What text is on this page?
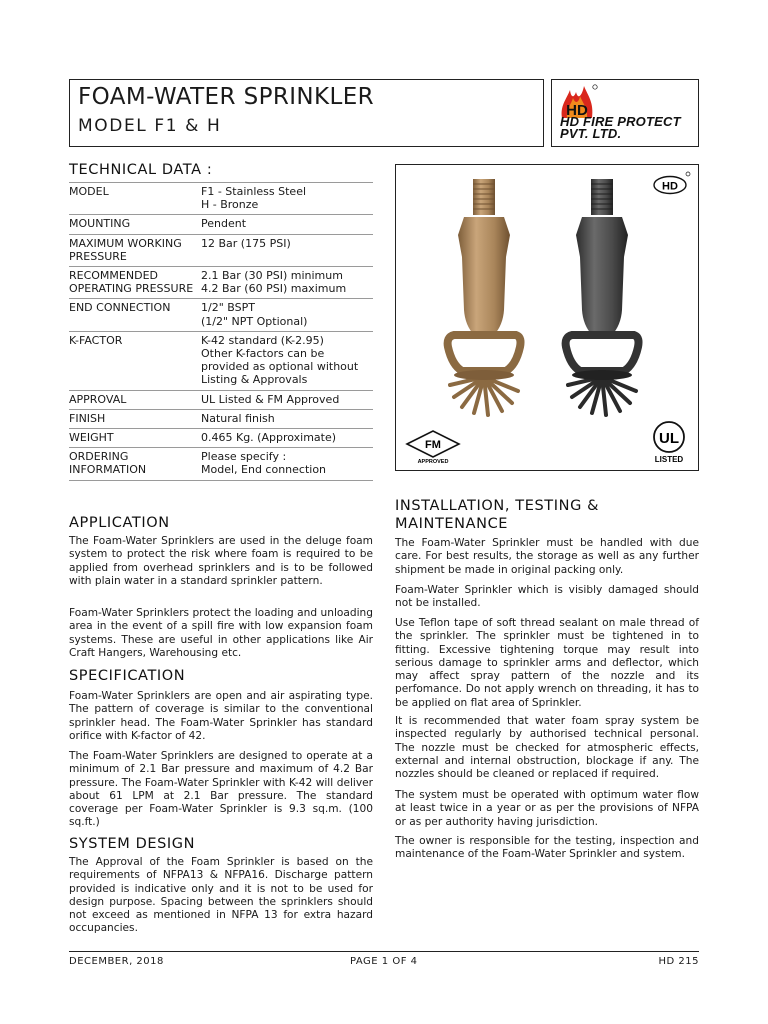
FOAM-WATER SPRINKLER
MODEL F1 & H
HD
HD FIRE PROTECT
PVT. LTD.
TECHNICAL DATA :
MODEL	F1 - Stainless Steel
H - Bronze
MOUNTING	Pendent
MAXIMUM WORKING PRESSURE	12 Bar (175 PSI)
RECOMMENDED OPERATING PRESSURE	2.1 Bar (30 PSI) minimum
4.2 Bar (60 PSI) maximum
END CONNECTION	1/2" BSPT
(1/2" NPT Optional)
K-FACTOR	K-42 standard (K-2.95)
Other K-factors can be
provided as optional without
Listing & Approvals
APPROVAL	UL Listed & FM Approved
FINISH	Natural finish
WEIGHT	0.465 Kg. (Approximate)
ORDERING INFORMATION	Please specify :
Model, End connection
HD
FM
APPROVED
UL
LISTED
APPLICATION
The Foam-Water Sprinklers are used in the deluge foam system to protect the risk where foam is required to be applied from overhead sprinklers and is to be followed with plain water in a standard sprinkler pattern.
Foam-Water Sprinklers protect the loading and unloading area in the event of a spill fire with low expansion foam systems. These are useful in other applications like Air Craft Hangers, Warehousing etc.
SPECIFICATION
Foam-Water Sprinklers are open and air aspirating type. The pattern of coverage is similar to the conventional sprinkler head. The Foam-Water Sprinkler has standard orifice with K-factor of 42.
The Foam-Water Sprinklers are designed to operate at a minimum of 2.1 Bar pressure and maximum of 4.2 Bar pressure. The Foam-Water Sprinkler with K-42 will deliver about 61 LPM at 2.1 Bar pressure. The standard coverage per Foam-Water Sprinkler is 9.3 sq.m. (100 sq.ft.)
SYSTEM DESIGN
The Approval of the Foam Sprinkler is based on the requirements of NFPA13 & NFPA16. Discharge pattern provided is indicative only and it is not to be used for design purpose. Spacing between the sprinklers should not exceed as mentioned in NFPA 13 for extra hazard occupancies.
INSTALLATION, TESTING &
MAINTENANCE
The Foam-Water Sprinkler must be handled with due care. For best results, the storage as well as any further shipment be made in original packing only.
Foam-Water Sprinkler which is visibly damaged should not be installed.
Use Teflon tape of soft thread sealant on male thread of the sprinkler. The sprinkler must be tightened in to fitting. Excessive tightening torque may result into serious damage to sprinkler arms and deflector, which may affect spray pattern of the nozzle and its perfomance. Do not apply wrench on threading, it has to be applied on flat area of Sprinkler.
It is recommended that water foam spray system be inspected regularly by authorised technical personal. The nozzle must be checked for atmospheric effects, external and internal obstruction, blockage if any. The nozzles should be cleaned or replaced if required.
The system must be operated with optimum water flow at least twice in a year or as per the provisions of NFPA or as per authority having jurisdiction.
The owner is responsible for the testing, inspection and maintenance of the Foam-Water Sprinkler and system.
DECEMBER, 2018	PAGE 1 OF 4	HD 215
